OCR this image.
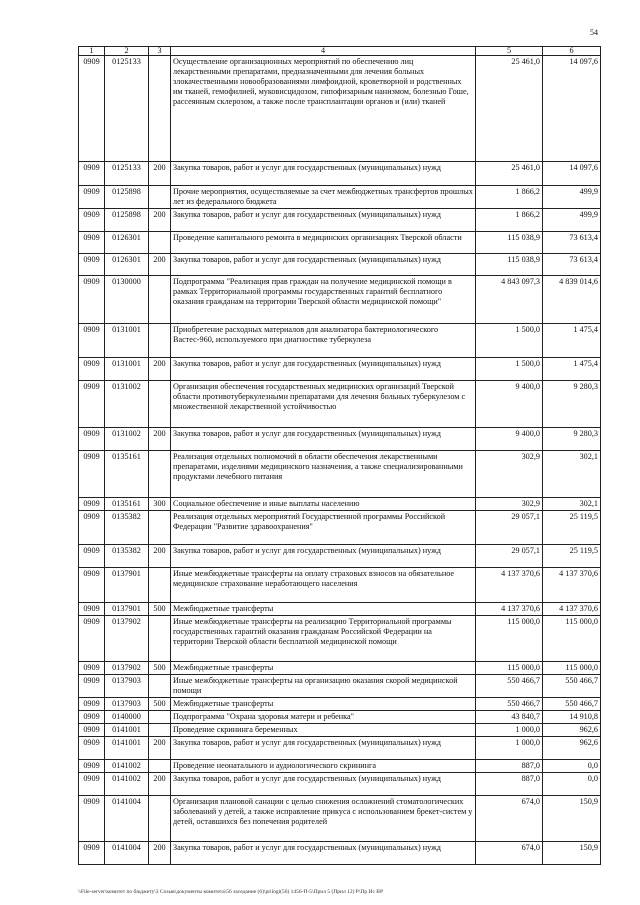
54
1	2	3	4	5	6
0909	0125133		Осуществление организационных мероприятий по обеспечению лиц лекарственными препаратами, предназначенными для лечения больных злокачественными новообразованиями лимфоидной, кроветворной и родственных им тканей, гемофилией, муковисцидозом, гипофизарным нанизмом, болезнью Гоше, рассеянным склерозом, а также после трансплантации органов и (или) тканей	25 461,0	14 097,6
0909	0125133	200	Закупка товаров, работ и услуг для государственных (муниципальных) нужд	25 461,0	14 097,6
0909	0125898		Прочие мероприятия, осуществляемые за счет межбюджетных трансфертов прошлых лет из федерального бюджета	1 866,2	499,9
0909	0125898	200	Закупка товаров, работ и услуг для государственных (муниципальных) нужд	1 866,2	499,9
0909	0126301		Проведение капитального ремонта в медицинских организациях Тверской области	115 038,9	73 613,4
0909	0126301	200	Закупка товаров, работ и услуг для государственных (муниципальных) нужд	115 038,9	73 613,4
0909	0130000		Подпрограмма "Реализация прав граждан на получение медицинской помощи в рамках Территориальной программы государственных гарантий бесплатного оказания гражданам на территории Тверской области медицинской помощи"	4 843 097,3	4 839 014,6
0909	0131001		Приобретение расходных материалов для анализатора бактериологического Вастес-960, используемого при диагностике туберкулеза	1 500,0	1 475,4
0909	0131001	200	Закупка товаров, работ и услуг для государственных (муниципальных) нужд	1 500,0	1 475,4
0909	0131002		Организация обеспечения государственных медицинских организаций Тверской области противотуберкулезными препаратами для лечения больных туберкулезом с множественной лекарственной устойчивостью	9 400,0	9 280,3
0909	0131002	200	Закупка товаров, работ и услуг для государственных (муниципальных) нужд	9 400,0	9 280,3
0909	0135161		Реализация отдельных полномочий в области обеспечения лекарственными препаратами, изделиями медицинского назначения, а также специализированными продуктами лечебного питания	302,9	302,1
0909	0135161	300	Социальное обеспечение и иные выплаты населению	302,9	302,1
0909	0135382		Реализация отдельных мероприятий Государственной программы Российской Федерации "Развитие здравоохранения"	29 057,1	25 119,5
0909	0135382	200	Закупка товаров, работ и услуг для государственных (муниципальных) нужд	29 057,1	25 119,5
0909	0137901		Иные межбюджетные трансферты на оплату страховых взносов на обязательное медицинское страхование неработающего населения	4 137 370,6	4 137 370,6
0909	0137901	500	Межбюджетные трансферты	4 137 370,6	4 137 370,6
0909	0137902		Иные межбюджетные трансферты на реализацию Территориальной программы государственных гарантий оказания гражданам Российской Федерации на территории Тверской области бесплатной медицинской помощи	115 000,0	115 000,0
0909	0137902	500	Межбюджетные трансферты	115 000,0	115 000,0
0909	0137903		Иные межбюджетные трансферты на организацию оказания скорой медицинской помощи	550 466,7	550 466,7
0909	0137903	500	Межбюджетные трансферты	550 466,7	550 466,7
0909	0140000		Подпрограмма "Охрана здоровья матери и ребенка"	43 840,7	14 910,8
0909	0141001		Проведение скрининга беременных	1 000,0	962,6
0909	0141001	200	Закупка товаров, работ и услуг для государственных (муниципальных) нужд	1 000,0	962,6
0909	0141002		Проведение неонатального и аудиологического скрининга	887,0	0,0
0909	0141002	200	Закупка товаров, работ и услуг для государственных (муниципальных) нужд	887,0	0,0
0909	0141004		Организация плановой санации с целью снижения осложнений стоматологических заболеваний у детей, а также исправление прикуса с использованием брекет-систем у детей, оставшихся без попечения родителей	674,0	150,9
0909	0141004	200	Закупка товаров, работ и услуг для государственных (муниципальных) нужд	674,0	150,9
\\File-server\комитет по бюджету\3 Созыв\документы комитета\56 заседание (6)\prilogi(56) 1456-П-5\Прил 5 (Прил 12) Р\Пр Ис ВР
